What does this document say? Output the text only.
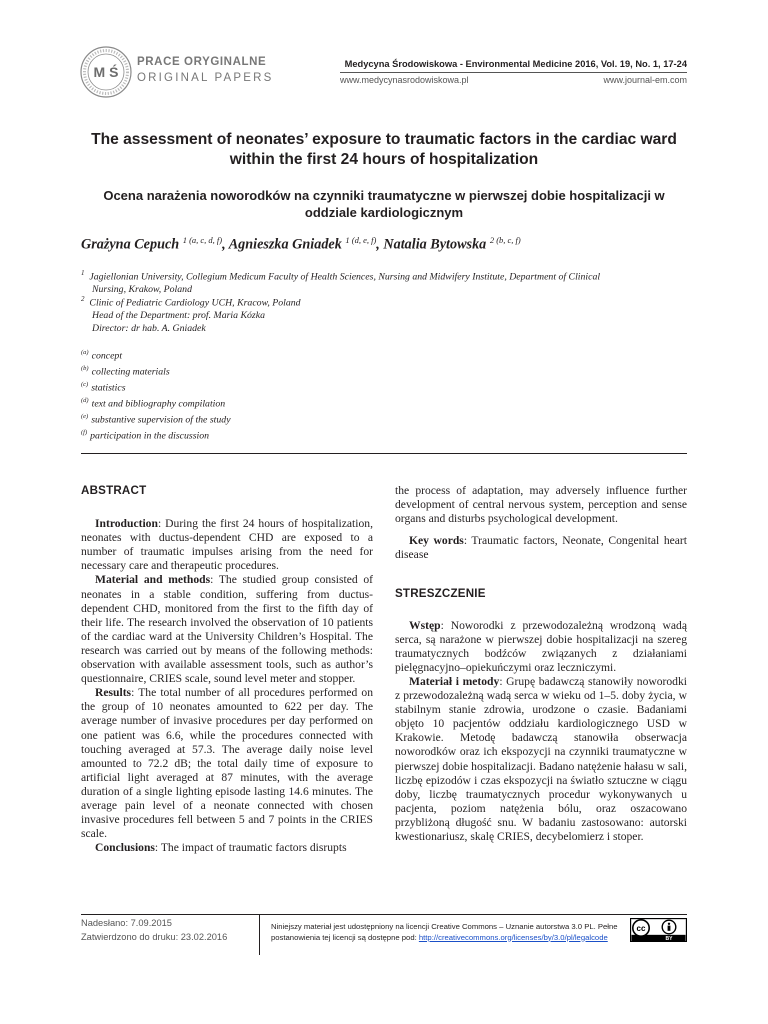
M Ś
PRACE ORYGINALNE
ORIGINAL PAPERS
Medycyna Środowiskowa - Environmental Medicine 2016, Vol. 19, No. 1, 17-24
www.medycynasrodowiskowa.pl	www.journal-em.com
The assessment of neonates’ exposure to traumatic factors in the cardiac ward within the first 24 hours of hospitalization
Ocena narażenia noworodków na czynniki traumatyczne w pierwszej dobie hospitalizacji w oddziale kardiologicznym
Grażyna Cepuch $^{1 (a, c, d, f)}$, Agnieszka Gniadek $^{1 (d, e, f)}$, Natalia Bytowska $^{2 (b, c, f)}$
$^1$ Jagiellonian University, Collegium Medicum Faculty of Health Sciences, Nursing and Midwifery Institute, Department of Clinical
Nursing, Krakow, Poland
$^2$ Clinic of Pediatric Cardiology UCH, Kracow, Poland
Head of the Department: prof. Maria Kózka
Director: dr hab. A. Gniadek
$^{(a)}$ concept
$^{(b)}$ collecting materials
$^{(c)}$ statistics
$^{(d)}$ text and bibliography compilation
$^{(e)}$ substantive supervision of the study
$^{(f)}$ participation in the discussion
ABSTRACT

Introduction: During the first 24 hours of hospitalization, neonates with ductus-dependent CHD are exposed to a number of traumatic impulses arising from the need for necessary care and therapeutic procedures.

Material and methods: The studied group consisted of neonates in a stable condition, suffering from ductus-dependent CHD, monitored from the first to the fifth day of their life. The research involved the observation of 10 patients of the cardiac ward at the University Children’s Hospital. The research was carried out by means of the following methods: observation with available assessment tools, such as author’s questionnaire, CRIES scale, sound level meter and stopper.

Results: The total number of all procedures performed on the group of 10 neonates amounted to 622 per day. The average number of invasive procedures per day performed on one patient was 6.6, while the procedures connected with touching averaged at 57.3. The average daily noise level amounted to 72.2 dB; the total daily time of exposure to artificial light averaged at 87 minutes, with the average duration of a single lighting episode lasting 14.6 minutes. The average pain level of a neonate connected with chosen invasive procedures fell between 5 and 7 points in the CRIES scale.

Conclusions: The impact of traumatic factors disrupts

the process of adaptation, may adversely influence further development of central nervous system, perception and sense organs and disturbs psychological development.

Key words: Traumatic factors, Neonate, Congenital heart disease

STRESZCZENIE

Wstęp: Noworodki z przewodozależną wrodzoną wadą serca, są narażone w pierwszej dobie hospitalizacji na szereg traumatycznych bodźców związanych z działaniami pielęgnacyjno–opiekuńczymi oraz leczniczymi.

Materiał i metody: Grupę badawczą stanowiły noworodki z przewodozależną wadą serca w wieku od 1–5. doby życia, w stabilnym stanie zdrowia, urodzone o czasie. Badaniami objęto 10 pacjentów oddziału kardiologicznego USD w Krakowie. Metodę badawczą stanowiła obserwacja noworodków oraz ich ekspozycji na czynniki traumatyczne w pierwszej dobie hospitalizacji. Badano natężenie hałasu w sali, liczbę epizodów i czas ekspozycji na światło sztuczne w ciągu doby, liczbę traumatycznych procedur wykonywanych u pacjenta, poziom natężenia bólu, oraz oszacowano przybliżoną długość snu. W badaniu zastosowano: autorski kwestionariusz, skalę CRIES, decybelomierz i stoper.

Nadesłano: 7.09.2015
Zatwierdzono do druku: 23.02.2016
Niniejszy materiał jest udostępniony na licencji Creative Commons – Uznanie autorstwa 3.0 PL. Pełne postanowienia tej licencji są dostępne pod: http://creativecommons.org/licenses/by/3.0/pl/legalcode
cc
BY
